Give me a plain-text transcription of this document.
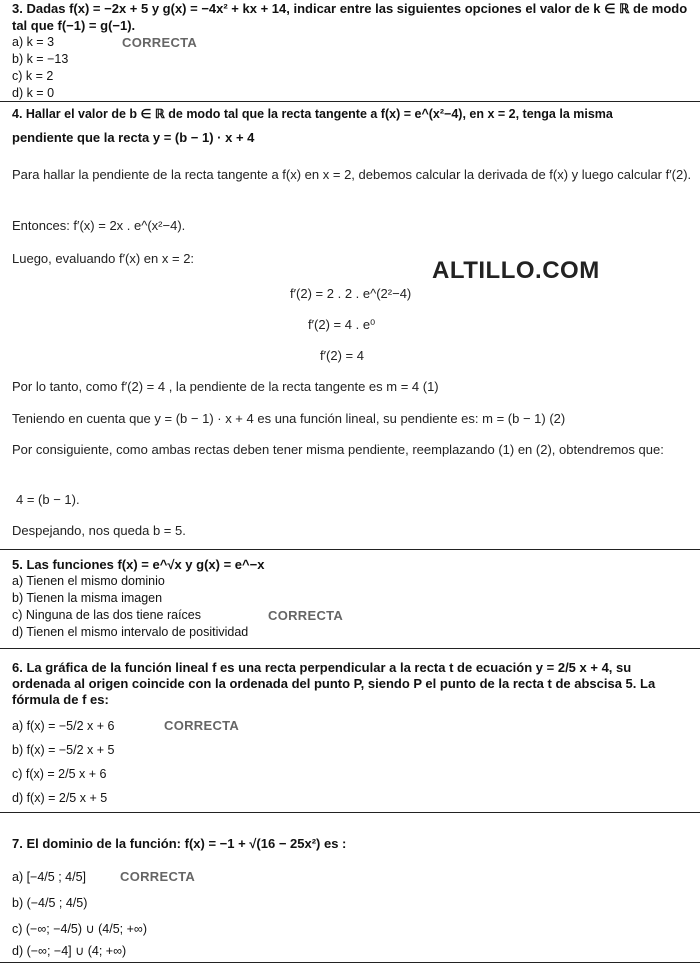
ALTILLO.COM
3. Dadas f(x) = −2x + 5 y g(x) = −4x² + kx + 14, indicar entre las siguientes opciones el valor de k ∈ ℝ de modo tal que f(−1) = g(−1).
a) k = 3	CORRECTA
b) k = −13
c) k = 2
d) k = 0
4. Hallar el valor de b ∈ ℝ de modo tal que la recta tangente a f(x) = e^(x²−4), en x = 2, tenga la misma
pendiente que la recta y = (b − 1) · x + 4
Para hallar la pendiente de la recta tangente a f(x) en x = 2, debemos calcular la derivada de f(x) y luego calcular f′(2).
Entonces: f′(x) = 2x . e^(x²−4).
Luego, evaluando f′(x) en x = 2:
f′(2) = 2 . 2 . e^(2²−4)
f′(2) = 4 . e⁰
f′(2) = 4
Por lo tanto, como f′(2) = 4 , la pendiente de la recta tangente es m = 4 (1)
Teniendo en cuenta que y = (b − 1) · x + 4 es una función lineal, su pendiente es: m = (b − 1) (2)
Por consiguiente, como ambas rectas deben tener misma pendiente, reemplazando (1) en (2), obtendremos que:
4 = (b − 1).
Despejando, nos queda b = 5.
5. Las funciones f(x) = e^√x y g(x) = e^−x
a) Tienen el mismo dominio
b) Tienen la misma imagen
c) Ninguna de las dos tiene raíces	CORRECTA
d) Tienen el mismo intervalo de positividad
6. La gráfica de la función lineal f es una recta perpendicular a la recta t de ecuación y = 2/5 x + 4, su ordenada al origen coincide con la ordenada del punto P, siendo P el punto de la recta t de abscisa 5. La fórmula de f es:
a) f(x) = −5/2 x + 6	CORRECTA
b) f(x) = −5/2 x + 5
c) f(x) = 2/5 x + 6
d) f(x) = 2/5 x + 5
7. El dominio de la función: f(x) = −1 + √(16 − 25x²) es :
a) [−4/5 ; 4/5]	CORRECTA
b) (−4/5 ; 4/5)
c) (−∞; −4/5) ∪ (4/5; +∞)
d) (−∞; −4] ∪ (4; +∞)
